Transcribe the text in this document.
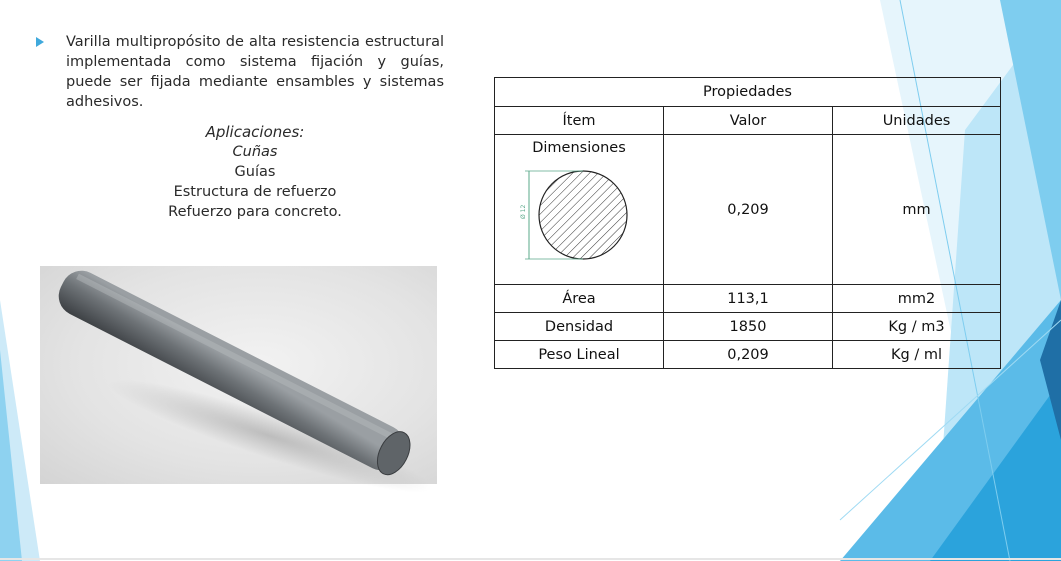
Varilla multipropósito de alta resistencia estructural implementada como sistema fijación y guías, puede ser fijada mediante ensambles y sistemas adhesivos.
Aplicaciones:
Cuñas
Guías
Estructura de refuerzo
Refuerzo para concreto.
Propiedades		
Ítem	Valor	Unidades

Dimensiones
Ø 12	0,209	mm
Área	113,1	mm2
Densidad	1850	Kg / m3
Peso Lineal	0,209	Kg / ml
